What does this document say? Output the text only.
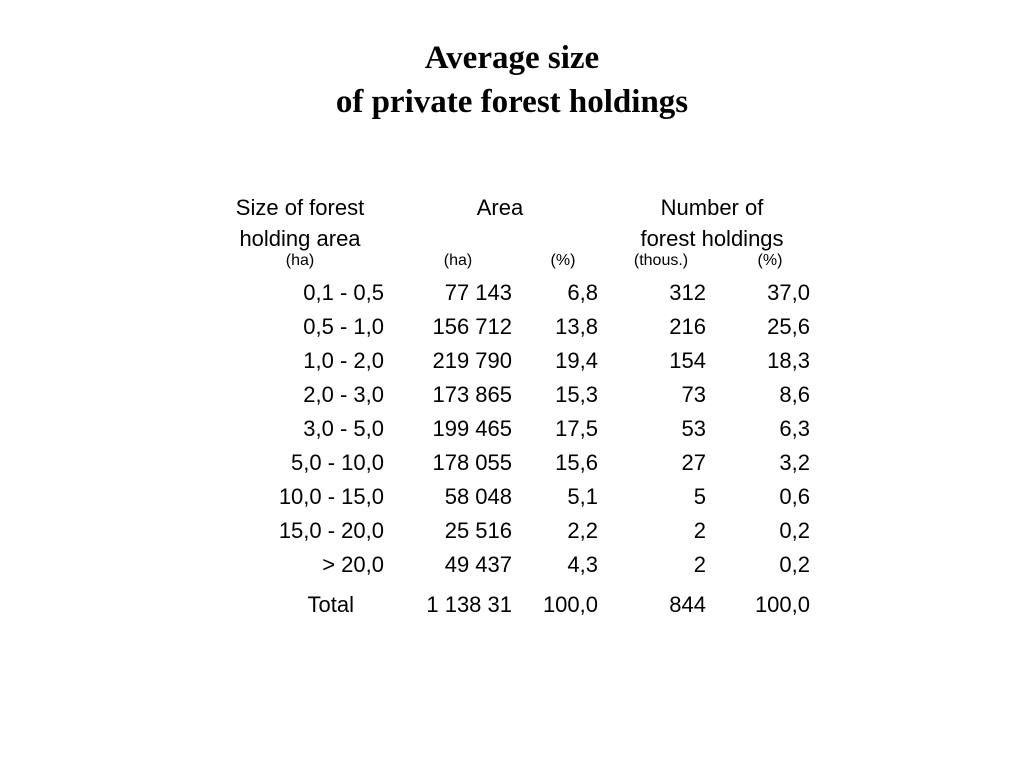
Average size
of private forest holdings
Size of forest
holding area
Area	Number of
forest holdings
(ha)	(ha)	(%)	(thous.)	(%)
0,1 - 0,5	77 143	6,8	312	37,0
0,5 - 1,0	156 712	13,8	216	25,6
1,0 - 2,0	219 790	19,4	154	18,3
2,0 - 3,0	173 865	15,3	73	8,6
3,0 - 5,0	199 465	17,5	53	6,3
5,0 - 10,0	178 055	15,6	27	3,2
10,0 - 15,0	58 048	5,1	5	0,6
15,0 - 20,0	25 516	2,2	2	0,2
> 20,0	49 437	4,3	2	0,2
Total	1 138 31	100,0	844	100,0
